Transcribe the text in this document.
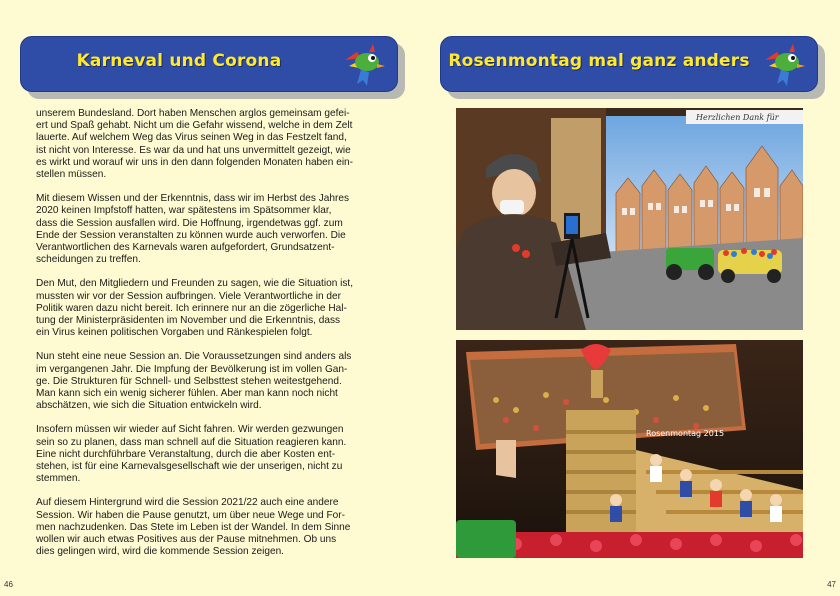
Karneval und Corona	Rosenmontag mal ganz anders

unserem Bundesland. Dort haben Menschen arglos gemeinsam gefei-
ert und Spaß gehabt. Nicht um die Gefahr wissend, welche in dem Zelt
lauerte. Auf welchem Weg das Virus seinen Weg in das Festzelt fand,
ist nicht von Interesse. Es war da und hat uns unvermittelt gezeigt, wie
es wirkt und worauf wir uns in den dann folgenden Monaten haben ein-
stellen müssen.

Mit diesem Wissen und der Erkenntnis, dass wir im Herbst des Jahres
2020 keinen Impfstoff hatten, war spätestens im Spätsommer klar,
dass die Session ausfallen wird. Die Hoffnung, irgendetwas ggf. zum
Ende der Session veranstalten zu können wurde auch verworfen. Die
Verantwortlichen des Karnevals waren aufgefordert, Grundsatzent-
scheidungen zu treffen.

Den Mut, den Mitgliedern und Freunden zu sagen, wie die Situation ist,
mussten wir vor der Session aufbringen. Viele Verantwortliche in der
Politik waren dazu nicht bereit. Ich erinnere nur an die zögerliche Hal-
tung der Ministerpräsidenten im November und die Erkenntnis, dass
ein Virus keinen politischen Vorgaben und Ränkespielen folgt.

Nun steht eine neue Session an. Die Voraussetzungen sind anders als
im vergangenen Jahr. Die Impfung der Bevölkerung ist im vollen Gan-
ge. Die Strukturen für Schnell- und Selbsttest stehen weitestgehend.
Man kann sich ein wenig sicherer fühlen. Aber man kann noch nicht
abschätzen, wie sich die Situation entwickeln wird.

Insofern müssen wir wieder auf Sicht fahren. Wir werden gezwungen
sein so zu planen, dass man schnell auf die Situation reagieren kann.
Eine nicht durchführbare Veranstaltung, durch die aber Kosten ent-
stehen, ist für eine Karnevalsgesellschaft wie der unserigen, nicht zu
stemmen.

Auf diesem Hintergrund wird die Session 2021/22 auch eine andere
Session. Wir haben die Pause genutzt, um über neue Wege und For-
men nachzudenken. Das Stete im Leben ist der Wandel. In dem Sinne
wollen wir auch etwas Positives aus der Pause mitnehmen. Ob uns
dies gelingen wird, wird die kommende Session zeigen.

Herzlichen Dank für
Rosenmontag 2015
46	47
